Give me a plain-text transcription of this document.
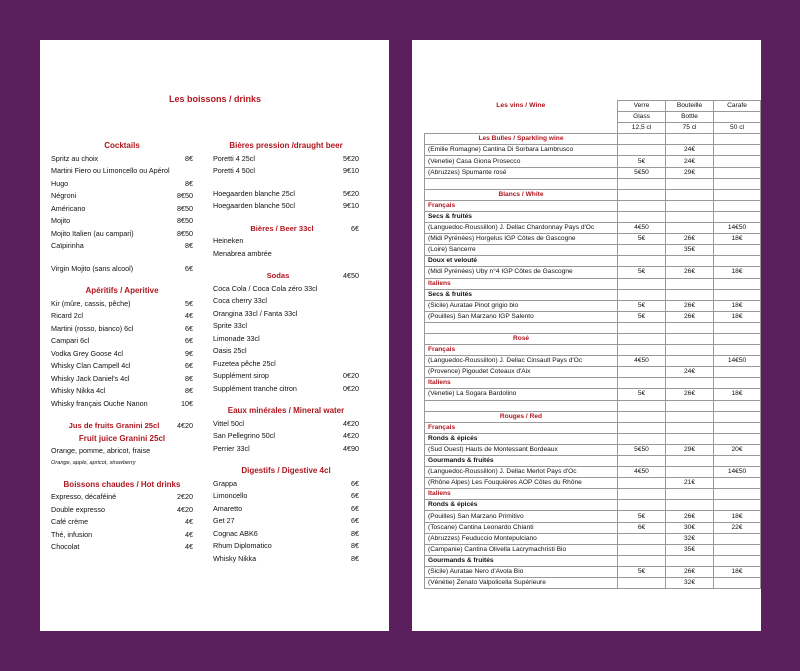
Les boissons / drinks
Cocktails
Spritz au choix	8€
Martini Fiero ou Limoncello ou Apérol
Hugo	8€
Négroni	8€50
Américano	8€50
Mojito	8€50
Mojito Italien (au campari)	8€50
Caïpirinha	8€
Virgin Mojito (sans alcool)	6€
Apéritifs / Aperitive
Kir (mûre, cassis, pêche)	5€
Ricard 2cl	4€
Martini (rosso, bianco) 6cl	6€
Campari 6cl	6€
Vodka Grey Goose 4cl	9€
Whisky Clan Campell 4cl	6€
Whisky Jack Daniel's 4cl	8€
Whisky Nikka 4cl	8€
Whisky français Ouche Nanon	10€
Jus de fruits Granini 25cl	4€20
Fruit juice Granini 25cl
Orange, pomme, abricot, fraise
Orange, apple, apricot, strawberry
Boissons chaudes / Hot drinks
Expresso, décaféiné	2€20
Double expresso	4€20
Café crème	4€
Thé, infusion	4€
Chocolat	4€
Bières pression /draught beer
Poretti 4 25cl	5€20
Poretti 4 50cl	9€10
Hoegaarden blanche 25cl	5€20
Hoegaarden blanche 50cl	9€10
Bières / Beer 33cl	6€
Heineken
Menabrea ambrée
Sodas	4€50
Coca Cola / Coca Cola zéro 33cl
Coca cherry 33cl
Orangina 33cl / Fanta 33cl
Sprite 33cl
Limonade 33cl
Oasis 25cl
Fuzetea pêche 25cl
Supplément sirop	0€20
Supplément tranche citron	0€20
Eaux minérales / Mineral water
Vittel 50cl	4€20
San Pellegrino 50cl	4€20
Perrier 33cl	4€90
Digestifs / Digestive 4cl
Grappa	6€
Limoncello	6€
Amaretto	6€
Get 27	6€
Cognac ABK6	8€
Rhum Diplomatico	8€
Whisky Nikka	8€
Les vins / Wine	Verre	Bouteille	Carafe
	Glass	Bottle	
	12,5 cl	75 cl	50 cl
Les Bulles / Sparkling wine			
(Emilie Romagne) Cantina Di Sorbara Lambrusco		24€	
(Venetie) Casa Giona Prosecco	5€	24€	
(Abruzzes) Spumante rosé	5€50	29€	

Blancs / White			
Français			
Secs & fruités			
(Languedoc-Roussillon) J. Dellac Chardonnay Pays d'Oc	4€50		14€50
(Midi Pyrénées) Horgelus IGP Côtes de Gascogne	5€	26€	18€
(Loire) Sancerre		35€	
Doux et velouté			
(Midi Pyrénées) Uby n°4 IGP Côtes de Gascogne	5€	26€	18€
Italiens			
Secs & fruités			
(Sicile) Auratae Pinot grigio bio	5€	26€	18€
(Pouilles) San Marzano IGP Salento	5€	26€	18€

Rosé			
Français			
(Languedoc-Roussillon) J. Dellac Cinsault Pays d'Oc	4€50		14€50
(Provence) Pigoudet Coteaux d'Aix		24€	
Italiens			
(Venetie) La Sogara Bardolino	5€	26€	18€

Rouges / Red			
Français			
Ronds & épicés			
(Sud Ouest) Hauts de Montessant Bordeaux	5€50	29€	20€
Gourmands & fruités			
(Languedoc-Roussillon) J. Dellac Merlot Pays d'Oc	4€50		14€50
(Rhône Alpes) Les Fouquières AOP Côtes du Rhône		21€	
Italiens			
Ronds & épicés			
(Pouilles) San Marzano Primitivo	5€	26€	18€
(Toscane) Cantina Leonardo Chianti	6€	30€	22€
(Abruzzes) Feuduccio Montepulciano		32€	
(Campanie) Cantina Olivella Lacrymachristi Bio		35€	
Gourmands & fruités			
(Sicile) Auratae Nero d'Avola Bio	5€	26€	18€
(Vénétie) Zenato Valpolicella Supérieure		32€	
